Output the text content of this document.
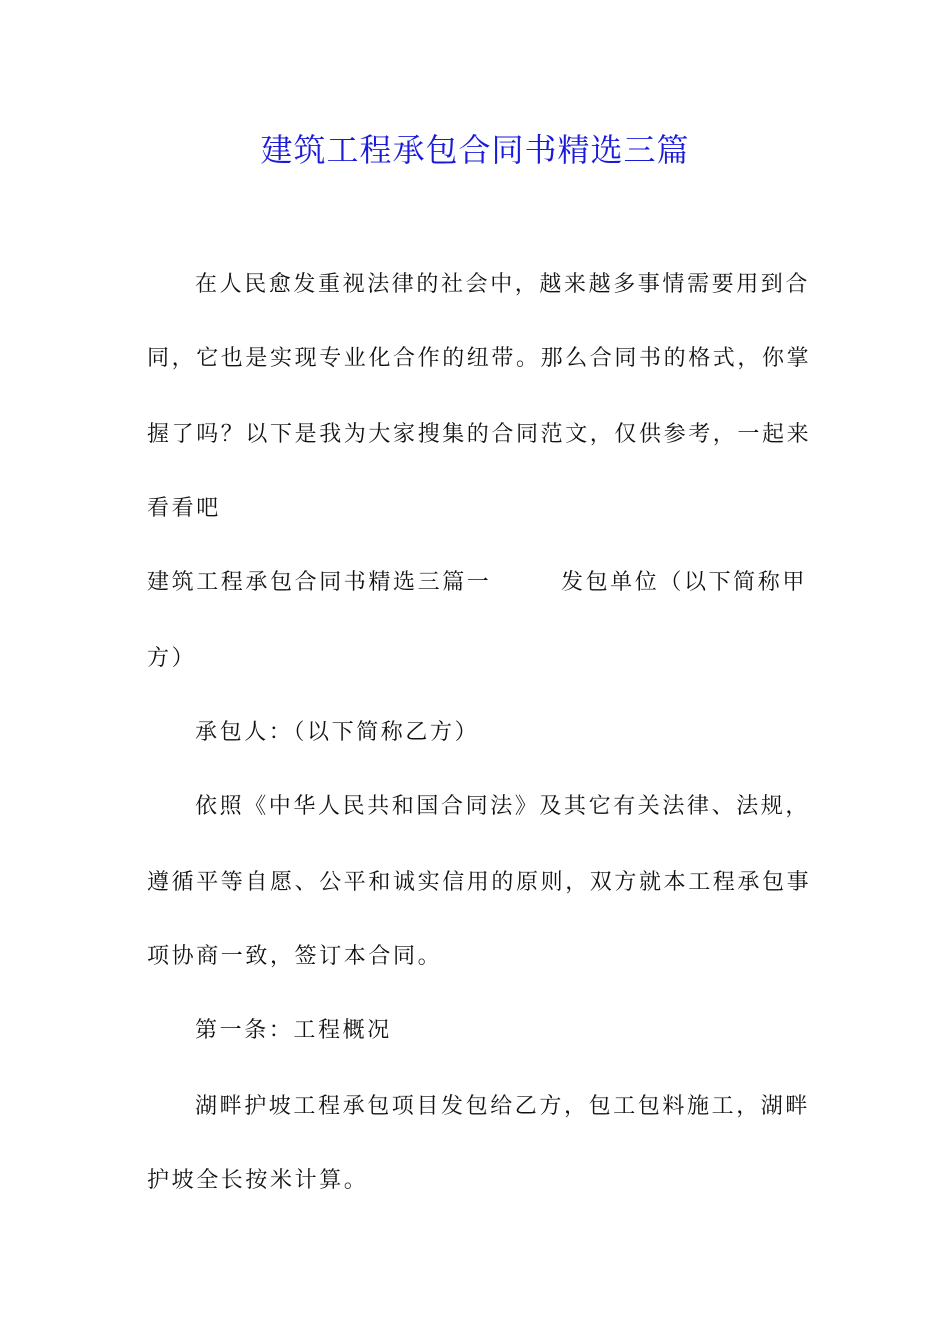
建筑工程承包合同书精选三篇
在人民愈发重视法律的社会中，越来越多事情需要用到合
同，它也是实现专业化合作的纽带。那么合同书的格式，你掌
握了吗？以下是我为大家搜集的合同范文，仅供参考，一起来
看看吧
建筑工程承包合同书精选三篇一	发包单位（以下简称甲
方）
承包人：（以下简称乙方）
依照《中华人民共和国合同法》及其它有关法律、法规，
遵循平等自愿、公平和诚实信用的原则，双方就本工程承包事
项协商一致，签订本合同。
第一条：工程概况
湖畔护坡工程承包项目发包给乙方，包工包料施工，湖畔
护坡全长按米计算。
